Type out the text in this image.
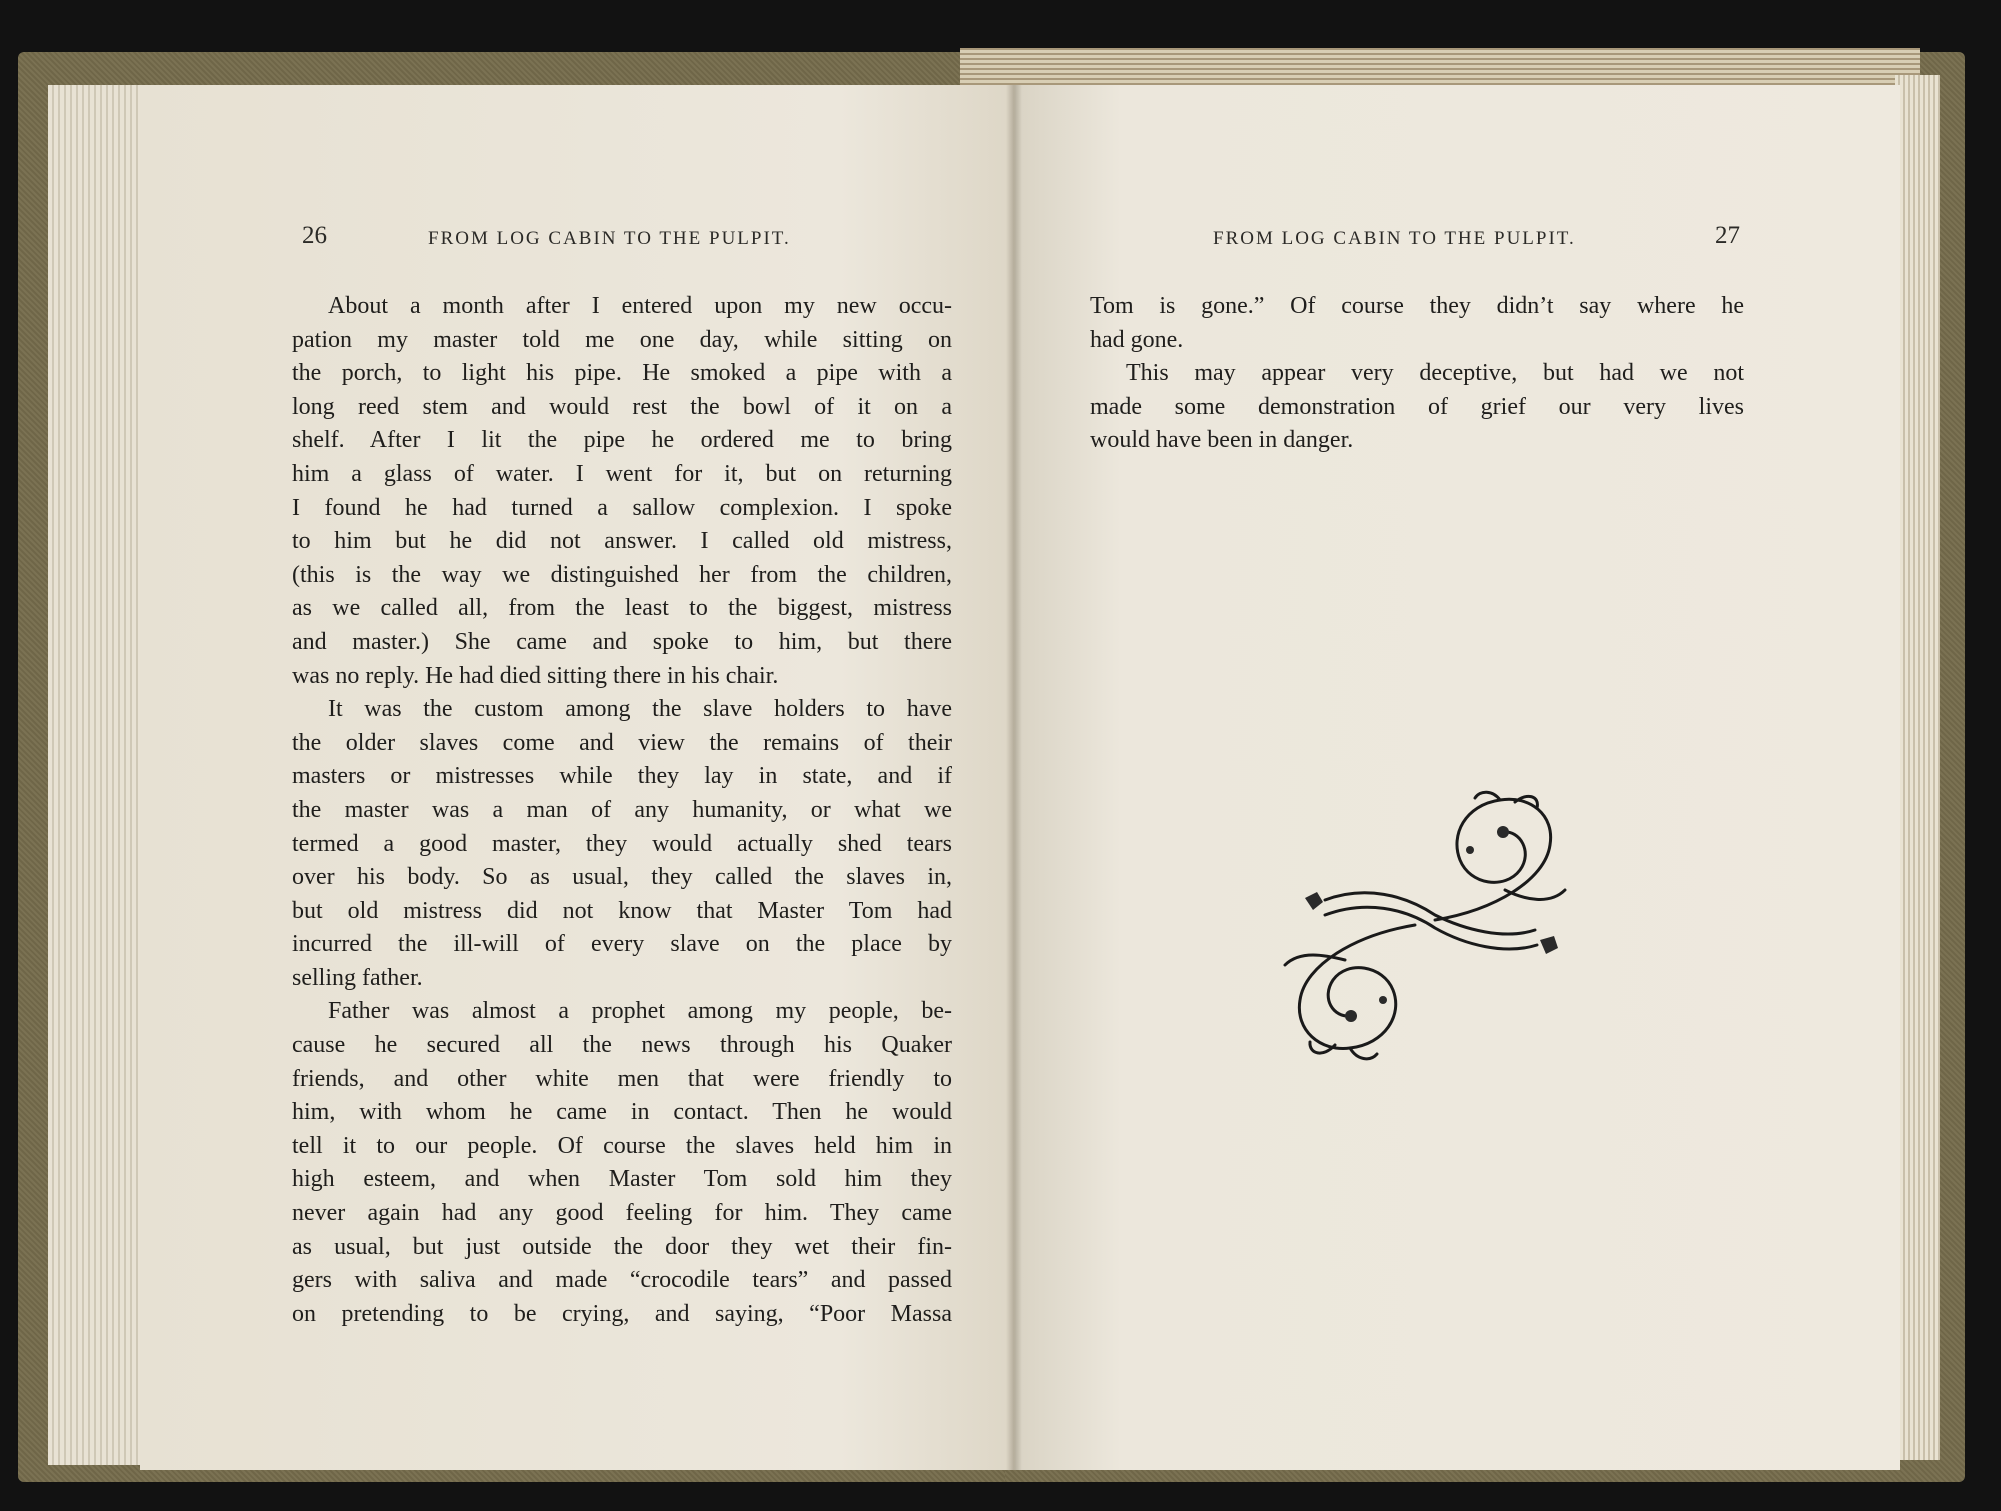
26	FROM LOG CABIN TO THE PULPIT.

About a month after I entered upon my new occu-
pation my master told me one day, while sitting on
the porch, to light his pipe. He smoked a pipe with a
long reed stem and would rest the bowl of it on a
shelf. After I lit the pipe he ordered me to bring
him a glass of water. I went for it, but on returning
I found he had turned a sallow complexion. I spoke
to him but he did not answer. I called old mistress,
(this is the way we distinguished her from the children,
as we called all, from the least to the biggest, mistress
and master.) She came and spoke to him, but there
was no reply. He had died sitting there in his chair.

It was the custom among the slave holders to have
the older slaves come and view the remains of their
masters or mistresses while they lay in state, and if
the master was a man of any humanity, or what we
termed a good master, they would actually shed tears
over his body. So as usual, they called the slaves in,
but old mistress did not know that Master Tom had
incurred the ill-will of every slave on the place by
selling father.

Father was almost a prophet among my people, be-
cause he secured all the news through his Quaker
friends, and other white men that were friendly to
him, with whom he came in contact. Then he would
tell it to our people. Of course the slaves held him in
high esteem, and when Master Tom sold him they
never again had any good feeling for him. They came
as usual, but just outside the door they wet their fin-
gers with saliva and made “crocodile tears” and passed
on pretending to be crying, and saying, “Poor Massa

FROM LOG CABIN TO THE PULPIT.	27

Tom is gone.” Of course they didn’t say where he
had gone.

This may appear very deceptive, but had we not
made some demonstration of grief our very lives
would have been in danger.
